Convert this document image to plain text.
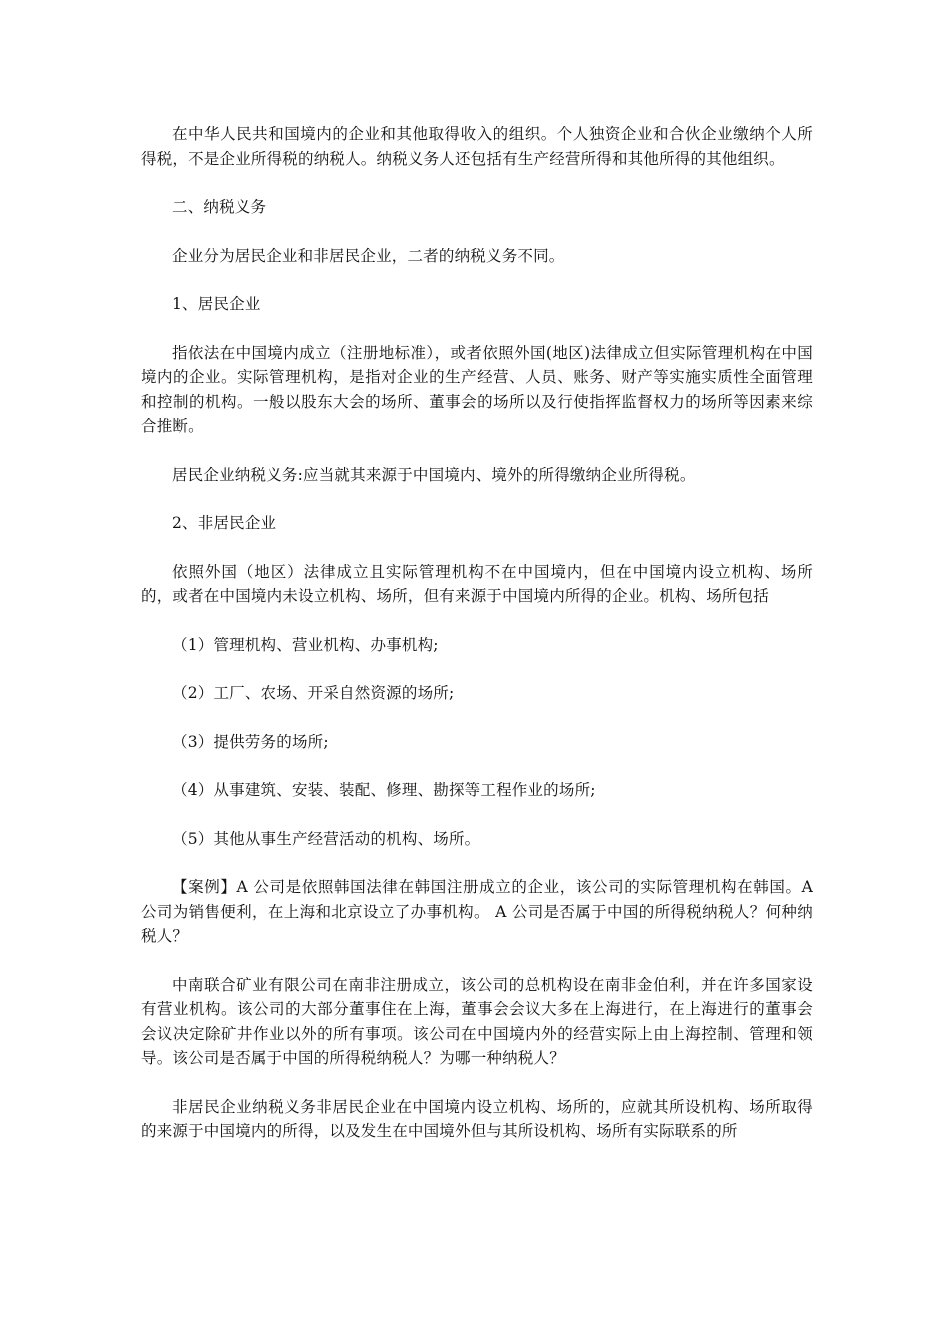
在中华人民共和国境内的企业和其他取得收入的组织。个人独资企业和合伙企业缴纳个人所得税，不是企业所得税的纳税人。纳税义务人还包括有生产经营所得和其他所得的其他组织。

二、纳税义务

企业分为居民企业和非居民企业，二者的纳税义务不同。

1、居民企业

指依法在中国境内成立（注册地标准），或者依照外国(地区)法律成立但实际管理机构在中国境内的企业。实际管理机构，是指对企业的生产经营、人员、账务、财产等实施实质性全面管理和控制的机构。一般以股东大会的场所、董事会的场所以及行使指挥监督权力的场所等因素来综合推断。

居民企业纳税义务:应当就其来源于中国境内、境外的所得缴纳企业所得税。

2、非居民企业

依照外国（地区）法律成立且实际管理机构不在中国境内，但在中国境内设立机构、场所的，或者在中国境内未设立机构、场所，但有来源于中国境内所得的企业。机构、场所包括

（1）管理机构、营业机构、办事机构;

（2）工厂、农场、开采自然资源的场所;

（3）提供劳务的场所;

（4）从事建筑、安装、装配、修理、勘探等工程作业的场所;

（5）其他从事生产经营活动的机构、场所。

【案例】A 公司是依照韩国法律在韩国注册成立的企业，该公司的实际管理机构在韩国。A 公司为销售便利，在上海和北京设立了办事机构。 A 公司是否属于中国的所得税纳税人？何种纳税人？

中南联合矿业有限公司在南非注册成立，该公司的总机构设在南非金伯利，并在许多国家设有营业机构。该公司的大部分董事住在上海，董事会会议大多在上海进行，在上海进行的董事会会议决定除矿井作业以外的所有事项。该公司在中国境内外的经营实际上由上海控制、管理和领导。该公司是否属于中国的所得税纳税人？为哪一种纳税人？

非居民企业纳税义务非居民企业在中国境内设立机构、场所的，应就其所设机构、场所取得的来源于中国境内的所得，以及发生在中国境外但与其所设机构、场所有实际联系的所
